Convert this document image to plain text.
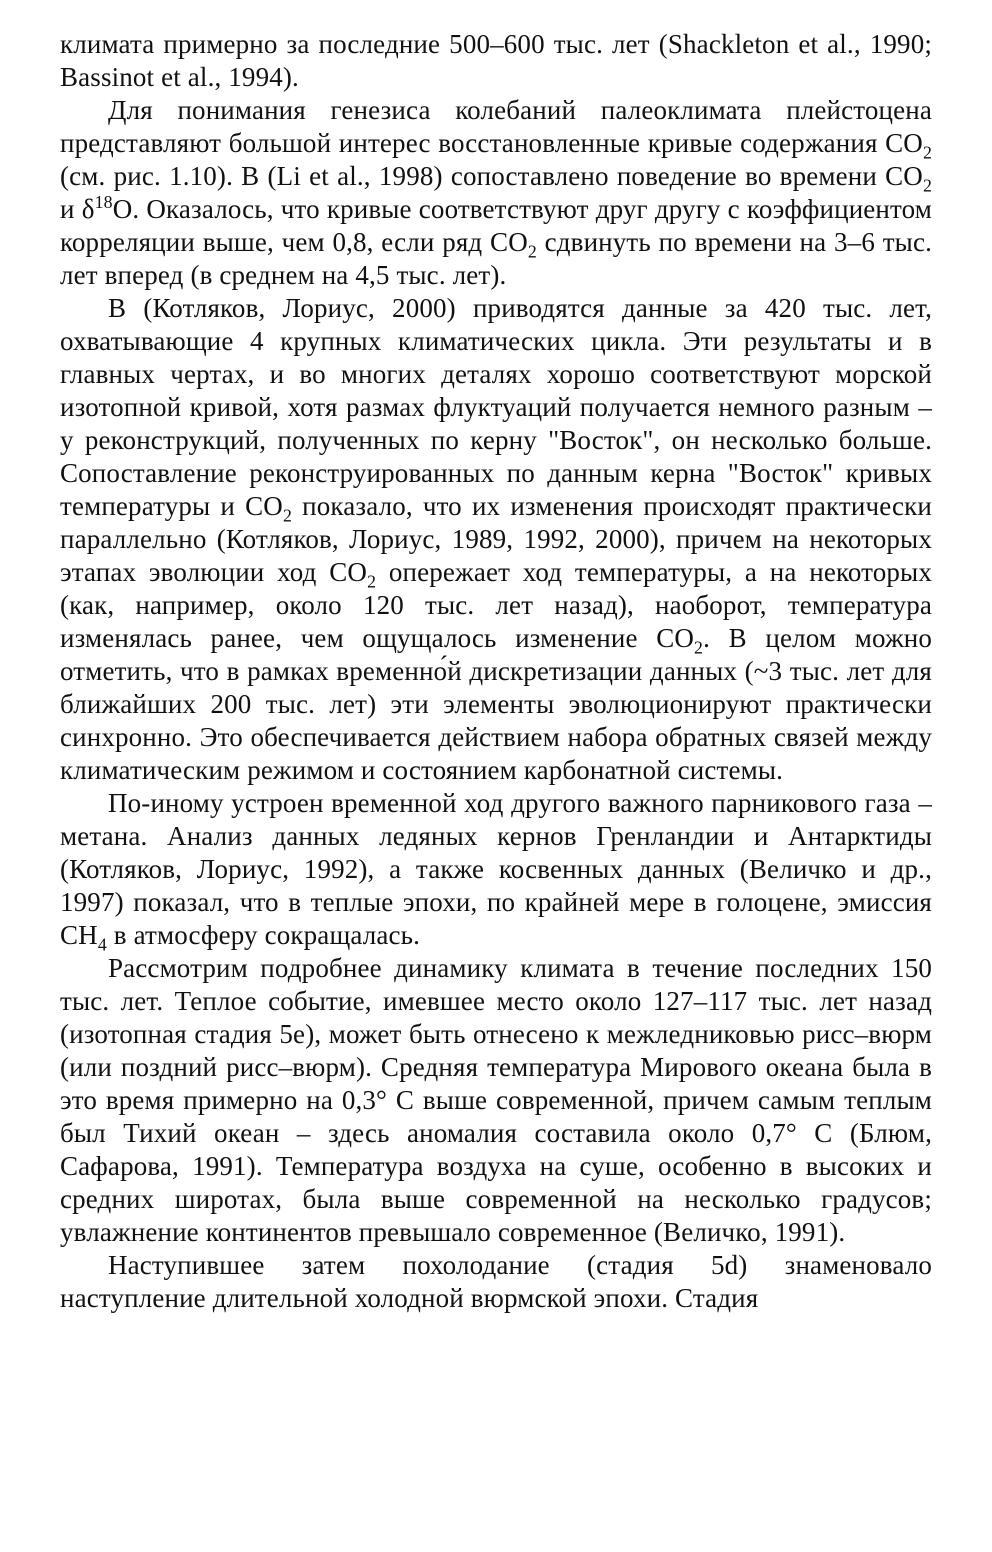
климата примерно за последние 500–600 тыс. лет (Shackleton et al., 1990; Bassinot et al., 1994).

Для понимания генезиса колебаний палеоклимата плейстоцена представляют большой интерес восстановленные кривые содержания $CO_2$ (см. рис. 1.10). В (Li et al., 1998) сопоставлено поведение во времени $CO_2$ и $\delta^{18}O$. Оказалось, что кривые соответствуют друг другу с коэффициентом корреляции выше, чем 0,8, если ряд $CO_2$ сдвинуть по времени на 3–6 тыс. лет вперед (в среднем на 4,5 тыс. лет).

В (Котляков, Лориус, 2000) приводятся данные за 420 тыс. лет, охватывающие 4 крупных климатических цикла. Эти результаты и в главных чертах, и во многих деталях хорошо соответствуют морской изотопной кривой, хотя размах флуктуаций получается немного разным – у реконструкций, полученных по керну "Восток", он несколько больше. Сопоставление реконструированных по данным керна "Восток" кривых температуры и $CO_2$ показало, что их изменения происходят практически параллельно (Котляков, Лориус, 1989, 1992, 2000), причем на некоторых этапах эволюции ход $CO_2$ опережает ход температуры, а на некоторых (как, например, около 120 тыс. лет назад), наоборот, температура изменялась ранее, чем ощущалось изменение $CO_2$. В целом можно отметить, что в рамках временно́й дискретизации данных (~3 тыс. лет для ближайших 200 тыс. лет) эти элементы эволюционируют практически синхронно. Это обеспечивается действием набора обратных связей между климатическим режимом и состоянием карбонатной системы.

По-иному устроен временной ход другого важного парникового газа – метана. Анализ данных ледяных кернов Гренландии и Антарктиды (Котляков, Лориус, 1992), а также косвенных данных (Величко и др., 1997) показал, что в теплые эпохи, по крайней мере в голоцене, эмиссия $CH_4$ в атмосферу сокращалась.

Рассмотрим подробнее динамику климата в течение последних 150 тыс. лет. Теплое событие, имевшее место около 127–117 тыс. лет назад (изотопная стадия 5е), может быть отнесено к межледниковью рисс–вюрм (или поздний рисс–вюрм). Средняя температура Мирового океана была в это время примерно на 0,3° С выше современной, причем самым теплым был Тихий океан – здесь аномалия составила около 0,7° С (Блюм, Сафарова, 1991). Температура воздуха на суше, особенно в высоких и средних широтах, была выше современной на несколько градусов; увлажнение континентов превышало современное (Величко, 1991).

Наступившее затем похолодание (стадия 5d) знаменовало наступление длительной холодной вюрмской эпохи. Стадия
